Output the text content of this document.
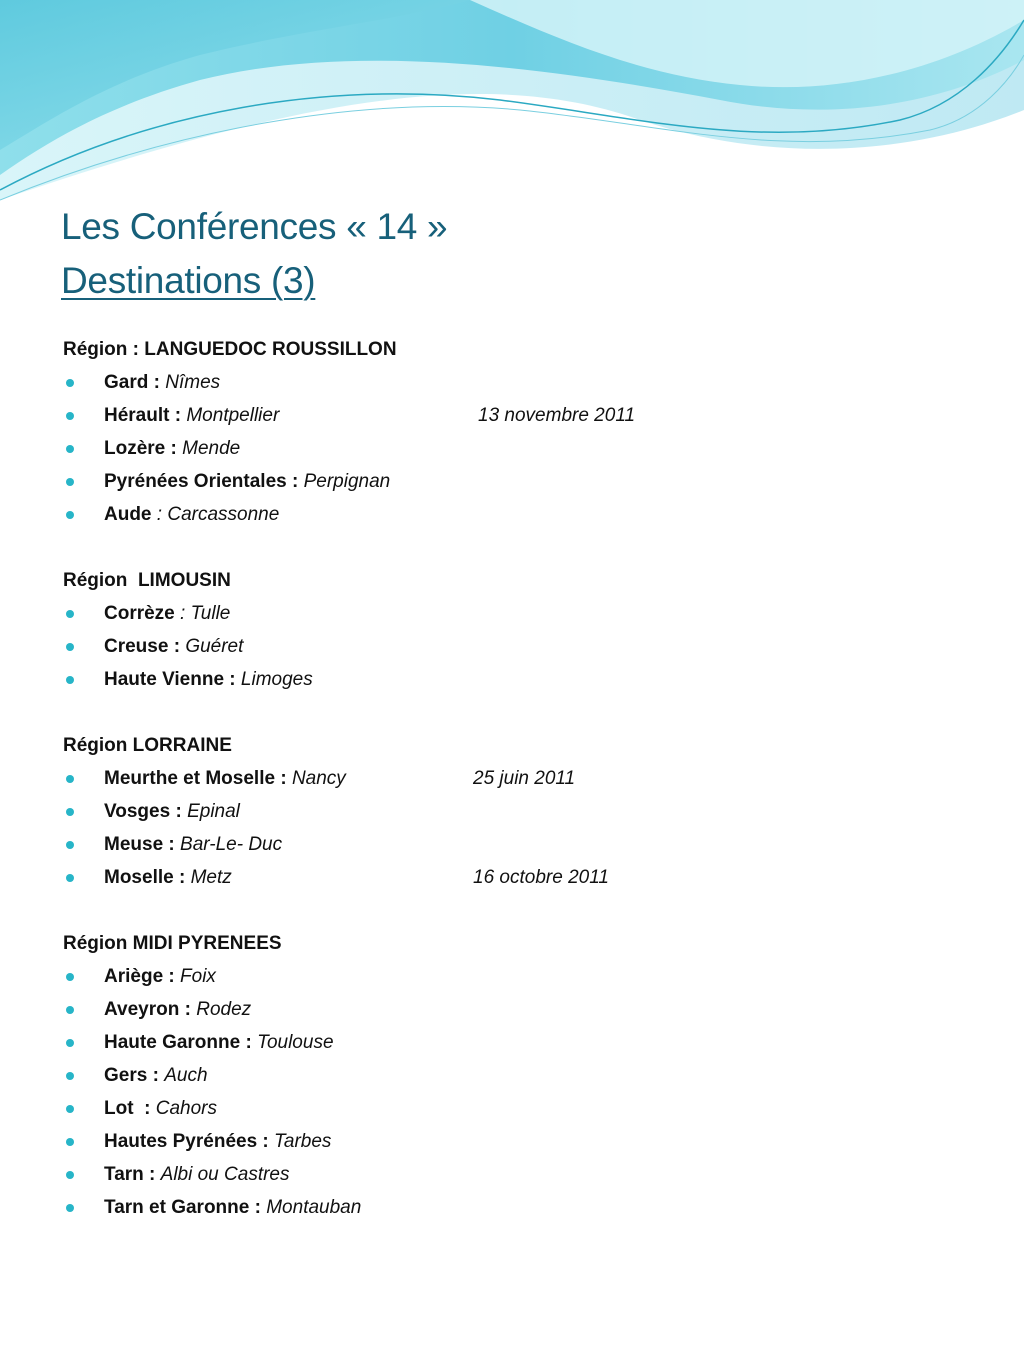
Les Conférences « 14 »
Destinations (3)
Région : LANGUEDOC ROUSSILLON
Gard : Nîmes
Hérault : Montpellier	13 novembre 2011
Lozère : Mende
Pyrénées Orientales : Perpignan
Aude : Carcassonne
Région  LIMOUSIN
Corrèze : Tulle
Creuse : Guéret
Haute Vienne : Limoges
Région LORRAINE
Meurthe et Moselle : Nancy	25 juin 2011
Vosges : Epinal
Meuse : Bar-Le- Duc
Moselle : Metz	16 octobre 2011
Région MIDI PYRENEES
Ariège : Foix
Aveyron : Rodez
Haute Garonne : Toulouse
Gers : Auch
Lot  : Cahors
Hautes Pyrénées : Tarbes
Tarn : Albi ou Castres
Tarn et Garonne : Montauban
